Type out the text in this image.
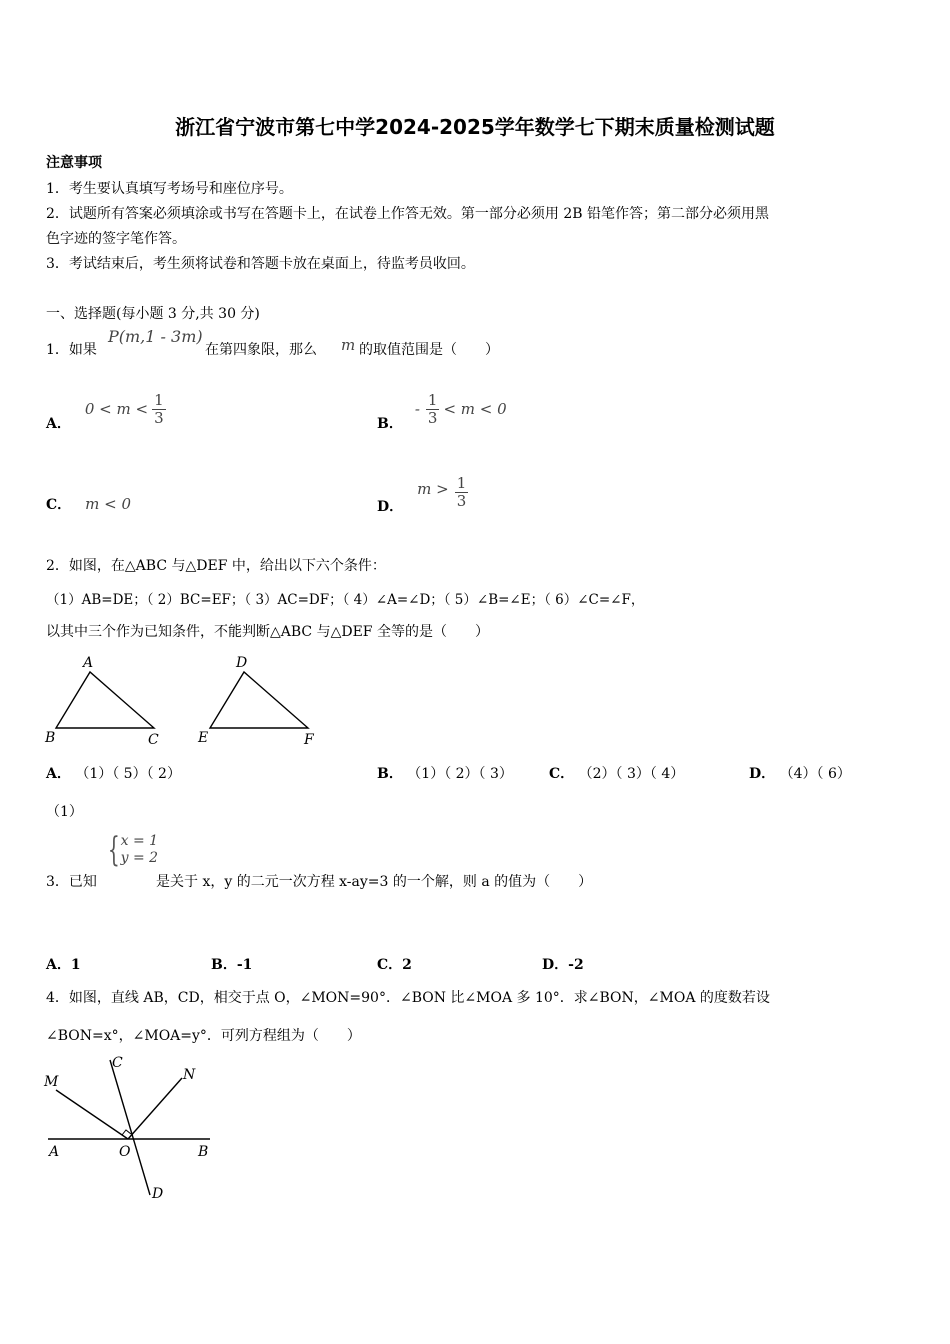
浙江省宁波市第七中学2024-2025学年数学七下期末质量检测试题
注意事项
1．考生要认真填写考场号和座位序号。
2．试题所有答案必须填涂或书写在答题卡上，在试卷上作答无效。第一部分必须用 2B 铅笔作答；第二部分必须用黑
色字迹的签字笔作答。
3．考试结束后，考生须将试卷和答题卡放在桌面上，待监考员收回。
一、选择题(每小题 3 分,共 30 分)
1．如果
P(m,1 - 3m)
在第四象限，那么 m 的取值范围是（　　）
A．
$0 < m < \frac{1}{3}$	B．
- $\frac{1}{3} < m < 0$
C． m < 0	D．
$m > \frac{1}{3}$
2．如图，在△ABC 与△DEF 中，给出以下六个条件：
（1）AB=DE；（ 2）BC=EF；（ 3）AC=DF；（ 4）∠A=∠D；（ 5）∠B=∠E；（ 6）∠C=∠F，
以其中三个作为已知条件，不能判断△ABC 与△DEF 全等的是（　　）
A
B	C
D
E	F
A． （1）（ 5）（ 2）	B． （1）（ 2）（ 3）	C． （2）（ 3）（ 4）	D． （4）（ 6）
（1）
3．已知
{ x = 1
y = 2
是关于 x，y 的二元一次方程 x-ay=3 的一个解，则 a 的值为（　　）
A．1	B．-1	C．2	D．-2
4．如图，直线 AB，CD，相交于点 O，∠MON=90°．∠BON 比∠MOA 多 10°．求∠BON，∠MOA 的度数若设
∠BON=x°，∠MOA=y°．可列方程组为（　　）
M
C
N
A	O	B
D
